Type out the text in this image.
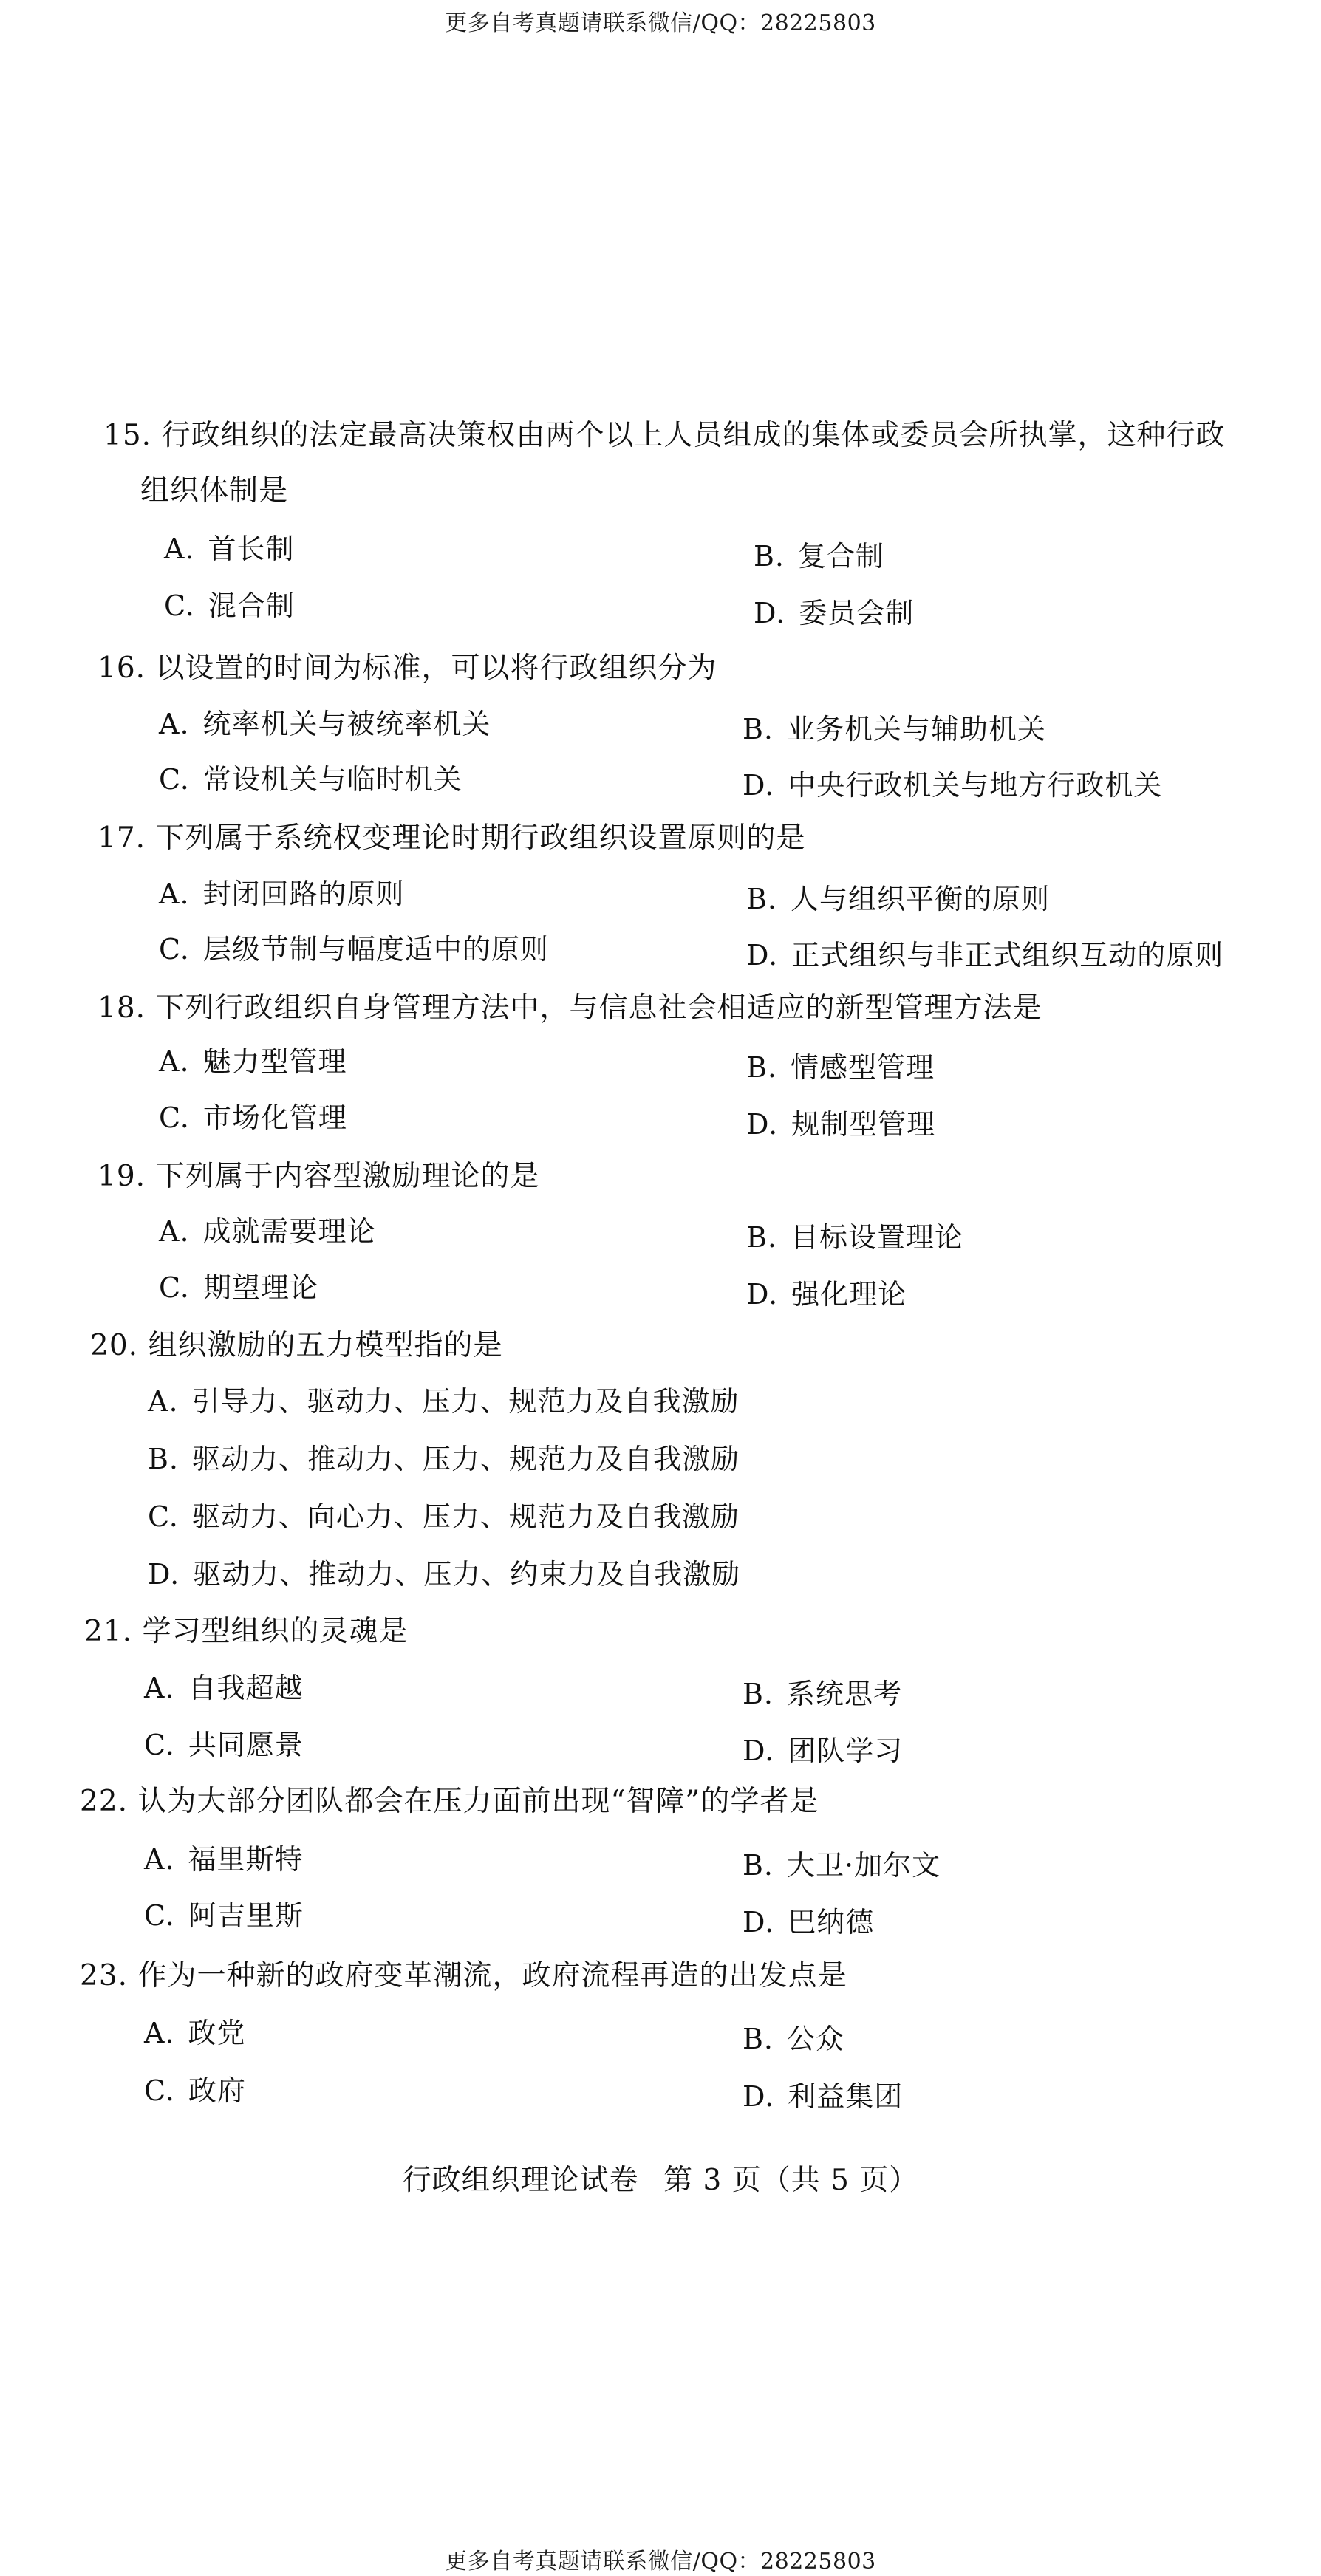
更多自考真题请联系微信/QQ：28225803
15. 行政组织的法定最高决策权由两个以上人员组成的集体或委员会所执掌，这种行政
组织体制是
A. 首长制	B. 复合制
C. 混合制	D. 委员会制
16. 以设置的时间为标准，可以将行政组织分为
A. 统率机关与被统率机关	B. 业务机关与辅助机关
C. 常设机关与临时机关	D. 中央行政机关与地方行政机关
17. 下列属于系统权变理论时期行政组织设置原则的是
A. 封闭回路的原则	B. 人与组织平衡的原则
C. 层级节制与幅度适中的原则	D. 正式组织与非正式组织互动的原则
18. 下列行政组织自身管理方法中，与信息社会相适应的新型管理方法是
A. 魅力型管理	B. 情感型管理
C. 市场化管理	D. 规制型管理
19. 下列属于内容型激励理论的是
A. 成就需要理论	B. 目标设置理论
C. 期望理论	D. 强化理论
20. 组织激励的五力模型指的是
A. 引导力、驱动力、压力、规范力及自我激励
B. 驱动力、推动力、压力、规范力及自我激励
C. 驱动力、向心力、压力、规范力及自我激励
D. 驱动力、推动力、压力、约束力及自我激励
21. 学习型组织的灵魂是
A. 自我超越	B. 系统思考
C. 共同愿景	D. 团队学习
22. 认为大部分团队都会在压力面前出现“智障”的学者是
A. 福里斯特	B. 大卫·加尔文
C. 阿吉里斯	D. 巴纳德
23. 作为一种新的政府变革潮流，政府流程再造的出发点是
A. 政党	B. 公众
C. 政府	D. 利益集团
行政组织理论试卷 第 3 页（共 5 页）
更多自考真题请联系微信/QQ：28225803
